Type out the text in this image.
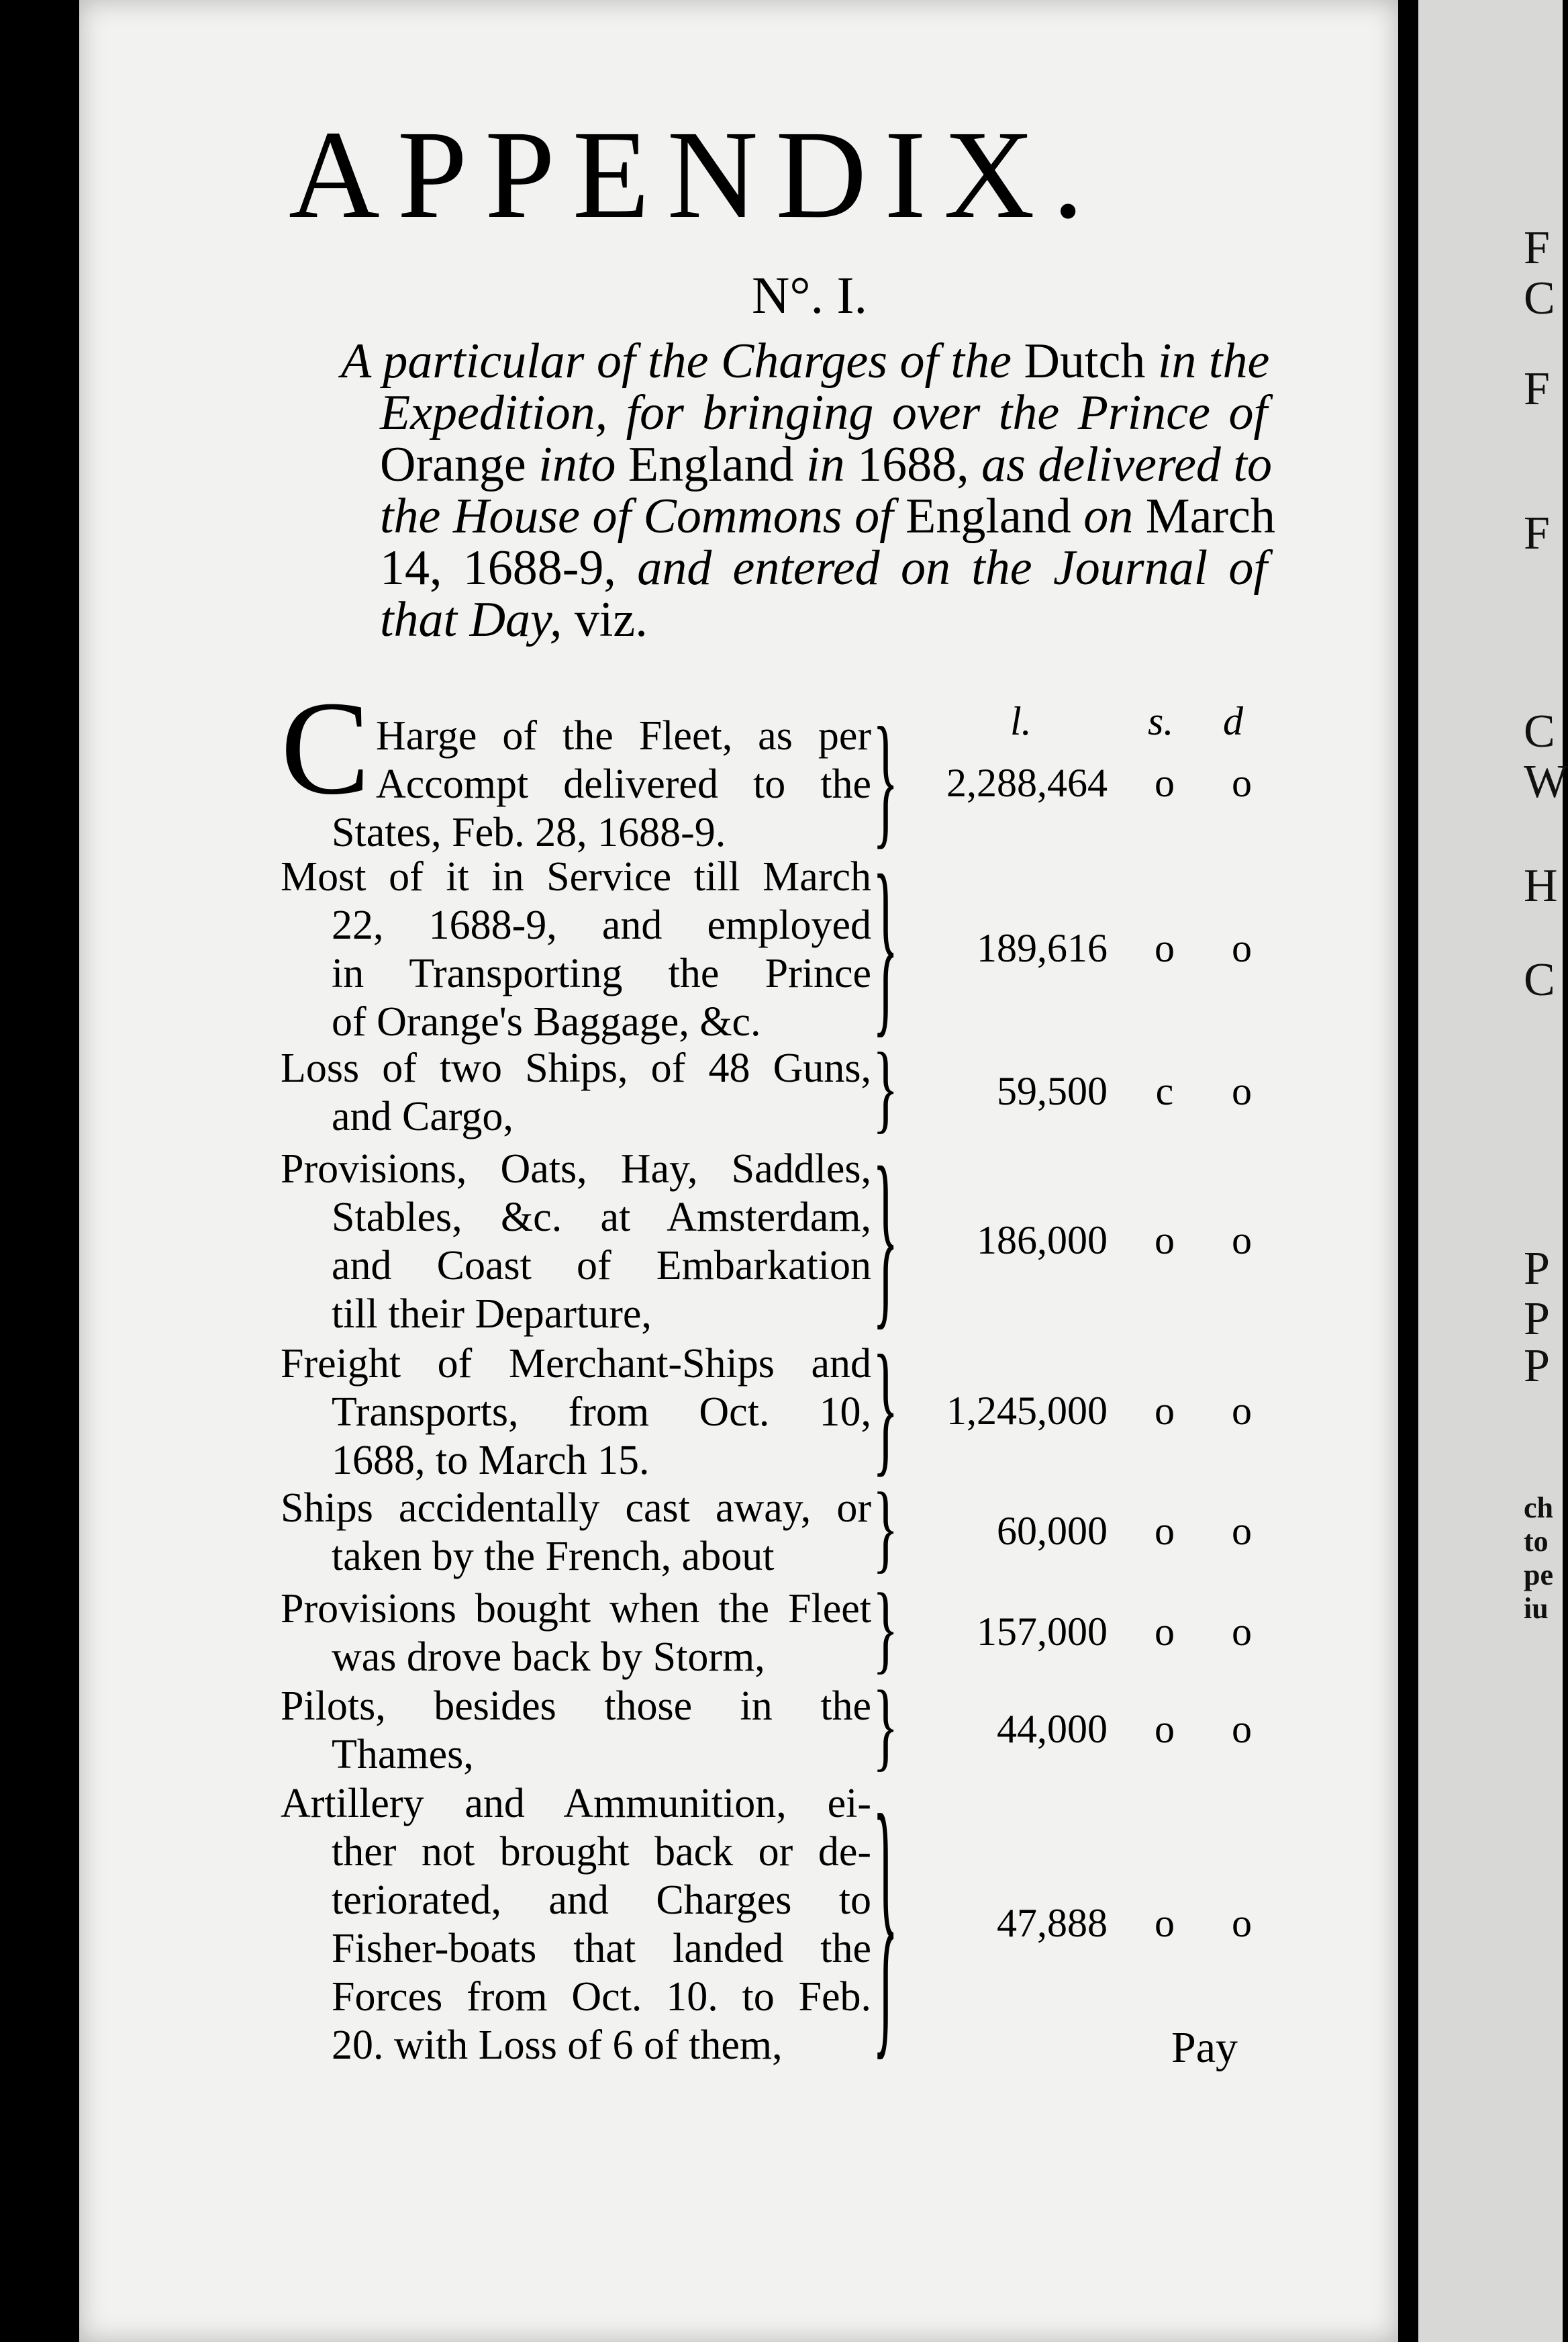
APPENDIX.
N°. I.
A particular of the Charges of the Dutch in the
Expedition, for bringing over the Prince of
Orange into England in 1688, as delivered to
the House of Commons of England on March
14, 1688-9, and entered on the Journal of
that Day, viz.
l.	s. d
C Harge of the Fleet, as per
Accompt delivered to the
States, Feb. 28, 1688-9.	}	2,288,464 o o
Most of it in Service till March
22, 1688-9, and employed
in Transporting the Prince
of Orange's Baggage, &c.	}	189,616 o o
Loss of two Ships, of 48 Guns,
and Cargo,	}	59,500 c o
Provisions, Oats, Hay, Saddles,
Stables, &c. at Amsterdam,
and Coast of Embarkation
till their Departure,	}	186,000 o o
Freight of Merchant-Ships and
Transports, from Oct. 10,
1688, to March 15.	}	1,245,000 o o
Ships accidentally cast away, or
taken by the French, about	}	60,000 o o
Provisions bought when the Fleet
was drove back by Storm,	}	157,000 o o
Pilots, besides those in the
Thames,	}	44,000 o o
Artillery and Ammunition, ei-
ther not brought back or de-
teriorated, and Charges to
Fisher-boats that landed the
Forces from Oct. 10. to Feb.
20. with Loss of 6 of them,	}	47,888 o o
Pay
F
C
F
F
C
W
H
C
P
P
P
ch
to
pe
iu
